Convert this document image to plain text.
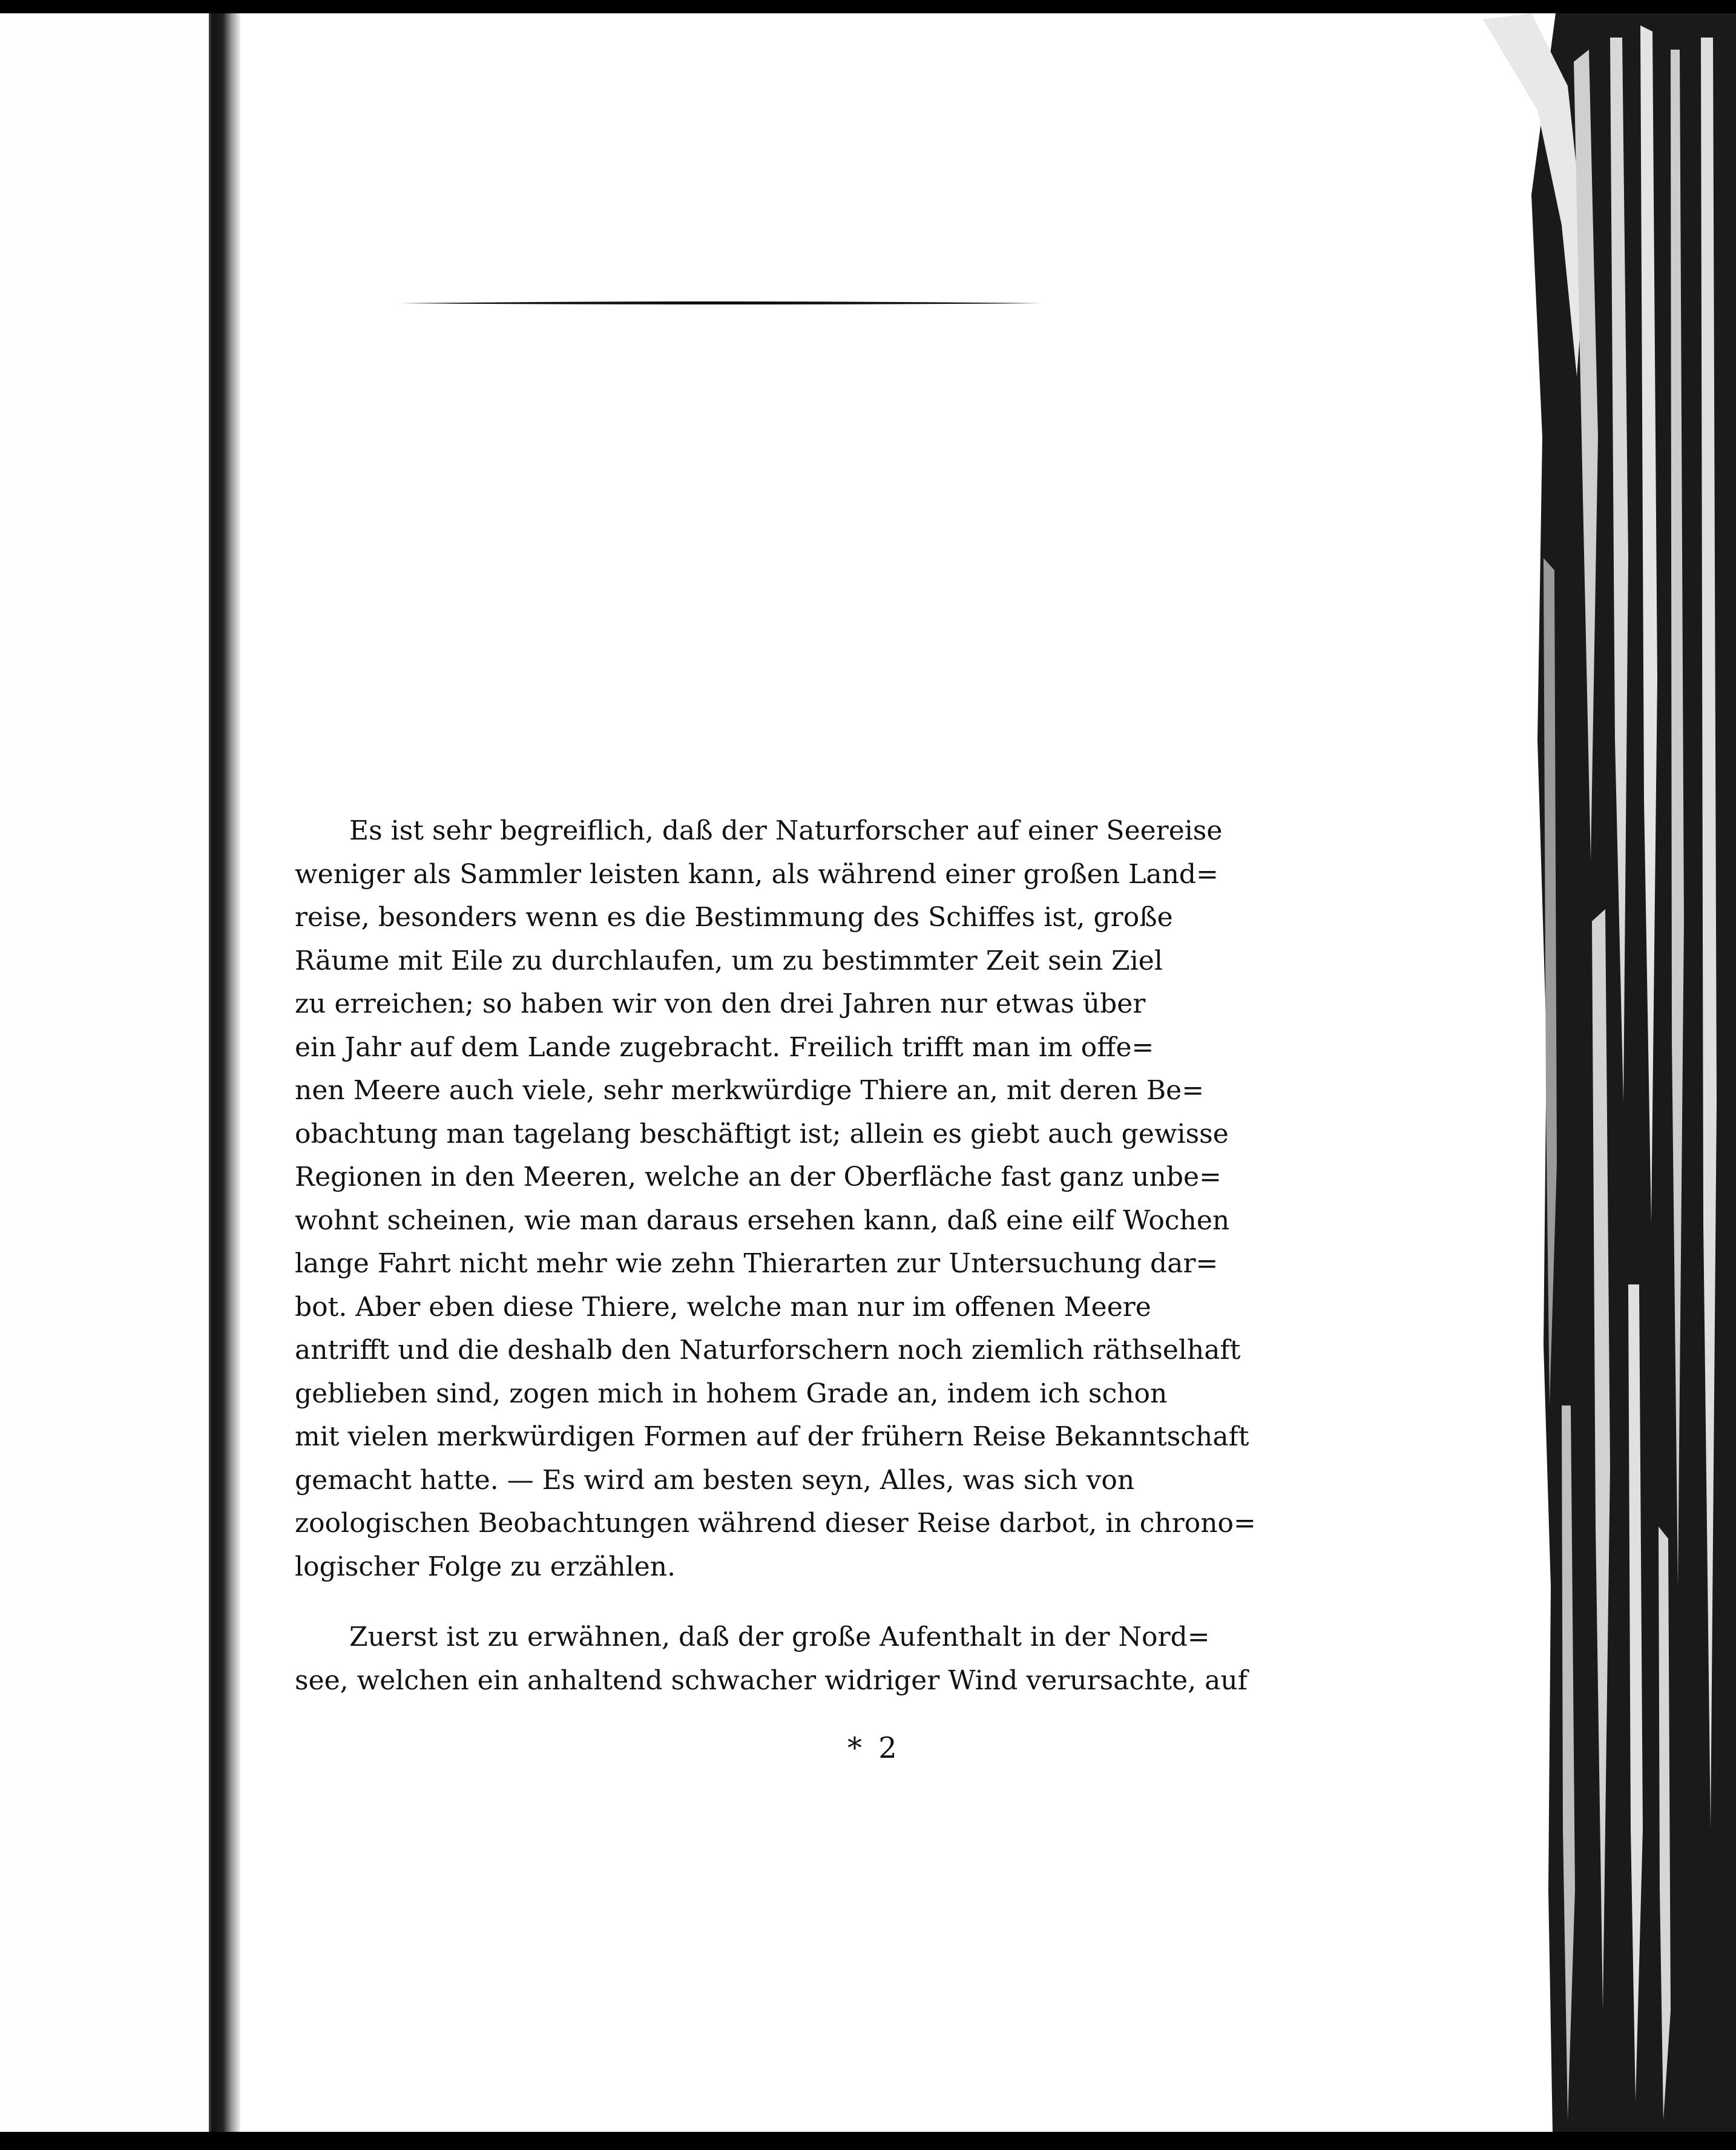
Es ist sehr begreiflich, daß der Naturforscher auf einer Seereise
weniger als Sammler leisten kann, als während einer großen Land=
reise, besonders wenn es die Bestimmung des Schiffes ist, große
Räume mit Eile zu durchlaufen, um zu bestimmter Zeit sein Ziel
zu erreichen; so haben wir von den drei Jahren nur etwas über
ein Jahr auf dem Lande zugebracht. Freilich trifft man im offe=
nen Meere auch viele, sehr merkwürdige Thiere an, mit deren Be=
obachtung man tagelang beschäftigt ist; allein es giebt auch gewisse
Regionen in den Meeren, welche an der Oberfläche fast ganz unbe=
wohnt scheinen, wie man daraus ersehen kann, daß eine eilf Wochen
lange Fahrt nicht mehr wie zehn Thierarten zur Untersuchung dar=
bot. Aber eben diese Thiere, welche man nur im offenen Meere
antrifft und die deshalb den Naturforschern noch ziemlich räthselhaft
geblieben sind, zogen mich in hohem Grade an, indem ich schon
mit vielen merkwürdigen Formen auf der frühern Reise Bekanntschaft
gemacht hatte. — Es wird am besten seyn, Alles, was sich von
zoologischen Beobachtungen während dieser Reise darbot, in chrono=
logischer Folge zu erzählen.
Zuerst ist zu erwähnen, daß der große Aufenthalt in der Nord=
see, welchen ein anhaltend schwacher widriger Wind verursachte, auf
* 2
